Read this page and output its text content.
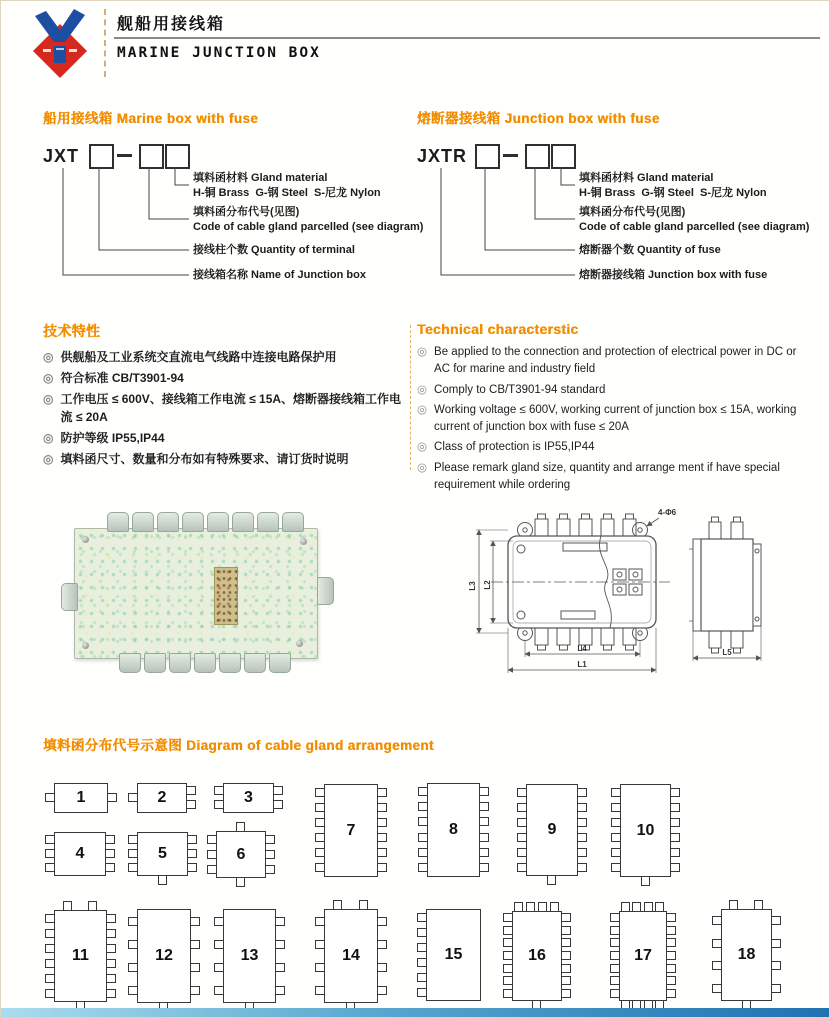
舰船用接线箱
MARINE JUNCTION BOX
船用接线箱 Marine box with fuse	熔断器接线箱 Junction box with fuse
JXT
填料函材料 Gland material
H-铜 Brass  G-钢 Steel  S-尼龙 Nylon
填料函分布代号(见图)
Code of cable gland parcelled (see diagram)
接线柱个数 Quantity of terminal
接线箱名称 Name of Junction box
JXTR
填料函材料 Gland material
H-铜 Brass  G-钢 Steel  S-尼龙 Nylon
填料函分布代号(见图)
Code of cable gland parcelled (see diagram)
熔断器个数 Quantity of fuse
熔断器接线箱 Junction box with fuse
技术特性
◎ 供舰船及工业系统交直流电气线路中连接电路保护用
◎ 符合标准 CB/T3901-94
◎ 工作电压 ≤ 600V、接线箱工作电流 ≤ 15A、熔断器接线箱工作电流 ≤ 20A
◎ 防护等级 IP55,IP44
◎ 填料函尺寸、数量和分布如有特殊要求、请订货时说明
Technical characterstic
◎ Be applied to the connection and protection of electrical power in DC or AC for marine and industry field
◎ Comply to CB/T3901-94 standard
◎ Working voltage ≤ 600V, working current of junction box ≤ 15A, working current of junction box with fuse ≤ 20A
◎ Class of protection is IP55,IP44
◎ Please remark gland size, quantity and arrange ment if have special requirement while ordering
4-Φ6
L3 L2
L4
L1
L5
填料函分布代号示意图 Diagram of cable gland arrangement
1	2	3
4	5	6
7	8	9	10
11	12	13	14	15	16	17	18
